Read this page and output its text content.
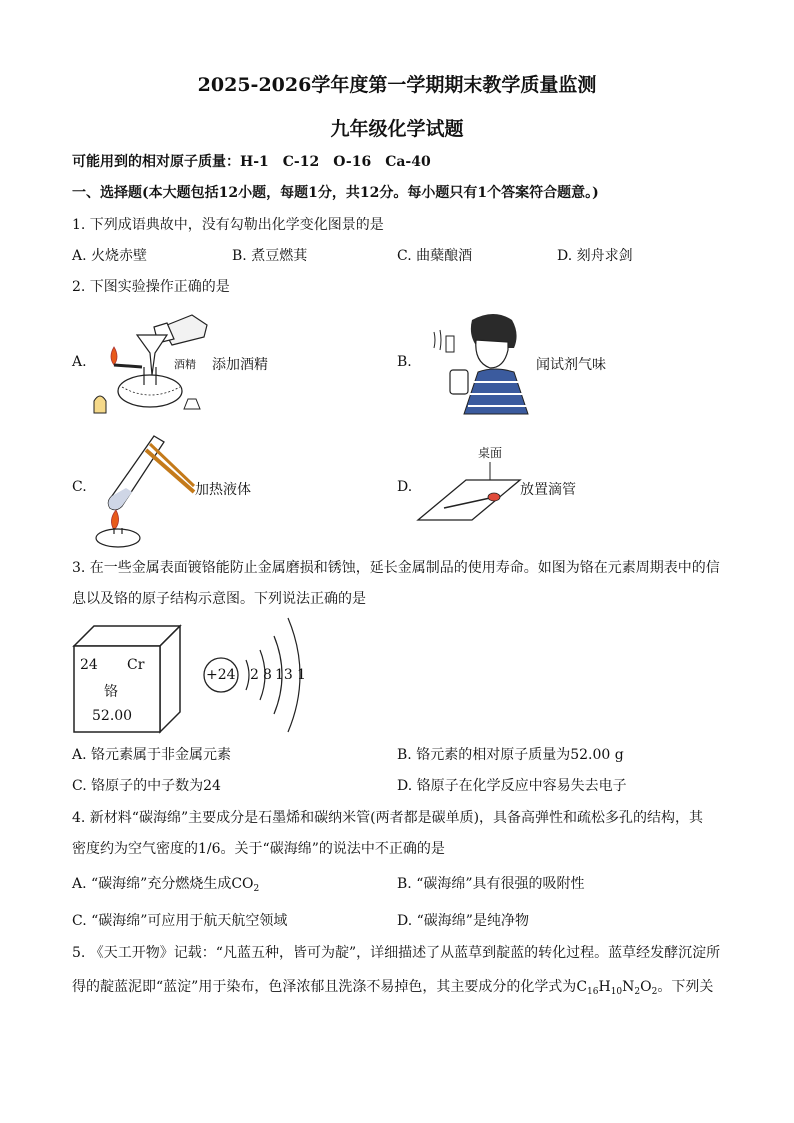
2025-2026学年度第一学期期末教学质量监测
九年级化学试题
可能用到的相对原子质量：H-1　C-12　O-16　Ca-40
一、选择题(本大题包括12小题，每题1分，共12分。每小题只有1个答案符合题意。)
1. 下列成语典故中，没有勾勒出化学变化图景的是
A. 火烧赤壁	B. 煮豆燃萁	C. 曲蘖酿酒	D. 刻舟求剑
2. 下图实验操作正确的是
A.	酒精 添加酒精	B.	闻试剂气味
C.	加热液体	D.
桌面
放置滴管
3. 在一些金属表面镀铬能防止金属磨损和锈蚀，延长金属制品的使用寿命。如图为铬在元素周期表中的信
息以及铬的原子结构示意图。下列说法正确的是
24 Cr
铬
52.00
+24 2 8 13 1
A. 铬元素属于非金属元素	B. 铬元素的相对原子质量为52.00 g
C. 铬原子的中子数为24	D. 铬原子在化学反应中容易失去电子
4. 新材料“碳海绵”主要成分是石墨烯和碳纳米管(两者都是碳单质)，具备高弹性和疏松多孔的结构，其
密度约为空气密度的1/6。关于“碳海绵”的说法中不正确的是
A. “碳海绵”充分燃烧生成$CO_2$	B. “碳海绵”具有很强的吸附性
C. “碳海绵”可应用于航天航空领域	D. “碳海绵”是纯净物
5. 《天工开物》记载：“凡蓝五种，皆可为靛”，详细描述了从蓝草到靛蓝的转化过程。蓝草经发酵沉淀所
得的靛蓝泥即“蓝淀”用于染布，色泽浓郁且洗涤不易掉色，其主要成分的化学式为$C_{16}H_{10}N_2O_2$。下列关
